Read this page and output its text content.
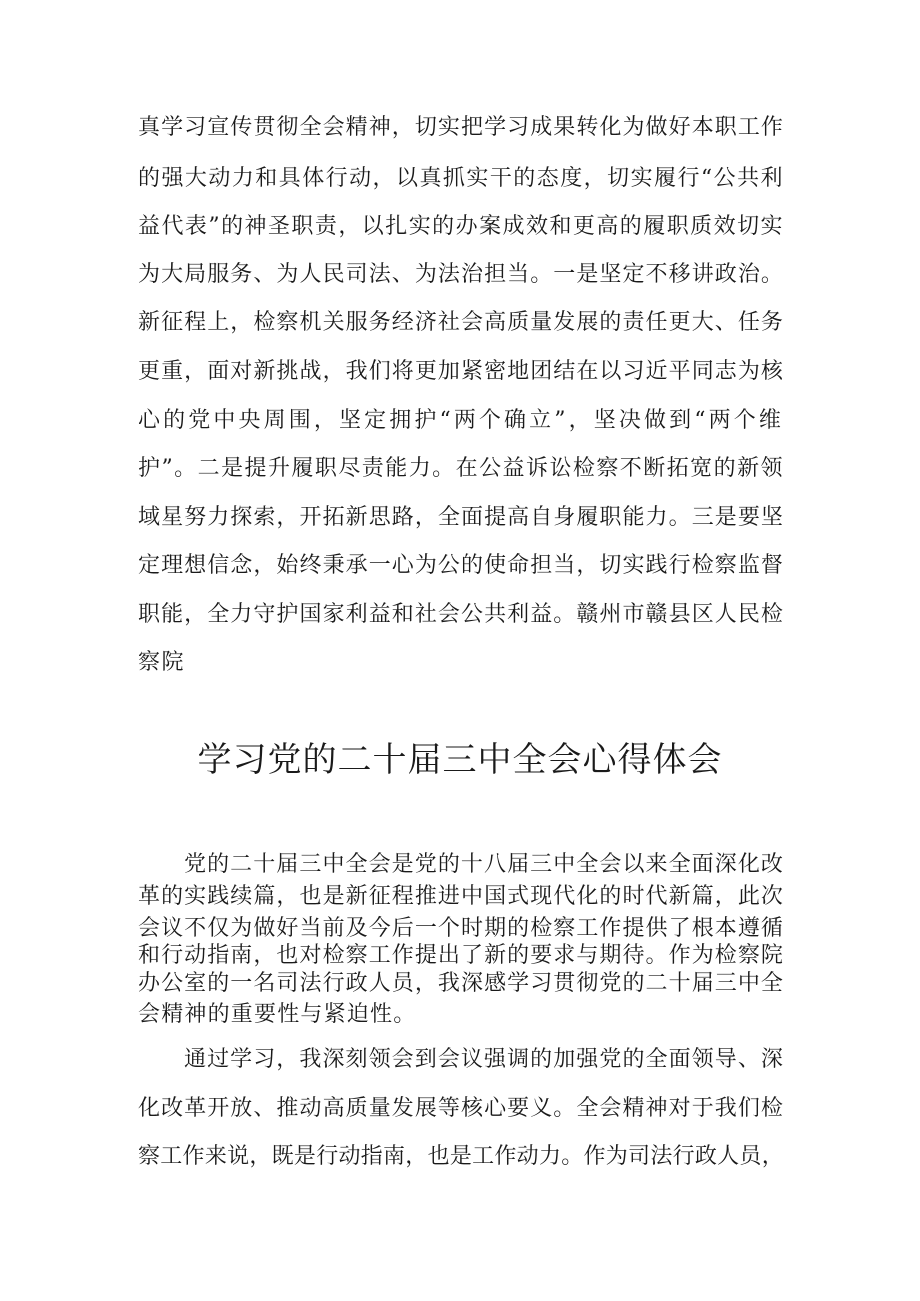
真学习宣传贯彻全会精神，切实把学习成果转化为做好本职工作
的强大动力和具体行动，以真抓实干的态度，切实履行“公共利
益代表”的神圣职责，以扎实的办案成效和更高的履职质效切实
为大局服务、为人民司法、为法治担当。一是坚定不移讲政治。
新征程上，检察机关服务经济社会高质量发展的责任更大、任务
更重，面对新挑战，我们将更加紧密地团结在以习近平同志为核
心的党中央周围，坚定拥护“两个确立”，坚决做到“两个维
护”。二是提升履职尽责能力。在公益诉讼检察不断拓宽的新领
域星努力探索，开拓新思路，全面提高自身履职能力。三是要坚
定理想信念，始终秉承一心为公的使命担当，切实践行检察监督
职能，全力守护国家利益和社会公共利益。赣州市赣县区人民检
察院
学习党的二十届三中全会心得体会
党的二十届三中全会是党的十八届三中全会以来全面深化改
革的实践续篇，也是新征程推进中国式现代化的时代新篇，此次
会议不仅为做好当前及今后一个时期的检察工作提供了根本遵循
和行动指南，也对检察工作提出了新的要求与期待。作为检察院
办公室的一名司法行政人员，我深感学习贯彻党的二十届三中全
会精神的重要性与紧迫性。
通过学习，我深刻领会到会议强调的加强党的全面领导、深
化改革开放、推动高质量发展等核心要义。全会精神对于我们检
察工作来说，既是行动指南，也是工作动力。作为司法行政人员，
